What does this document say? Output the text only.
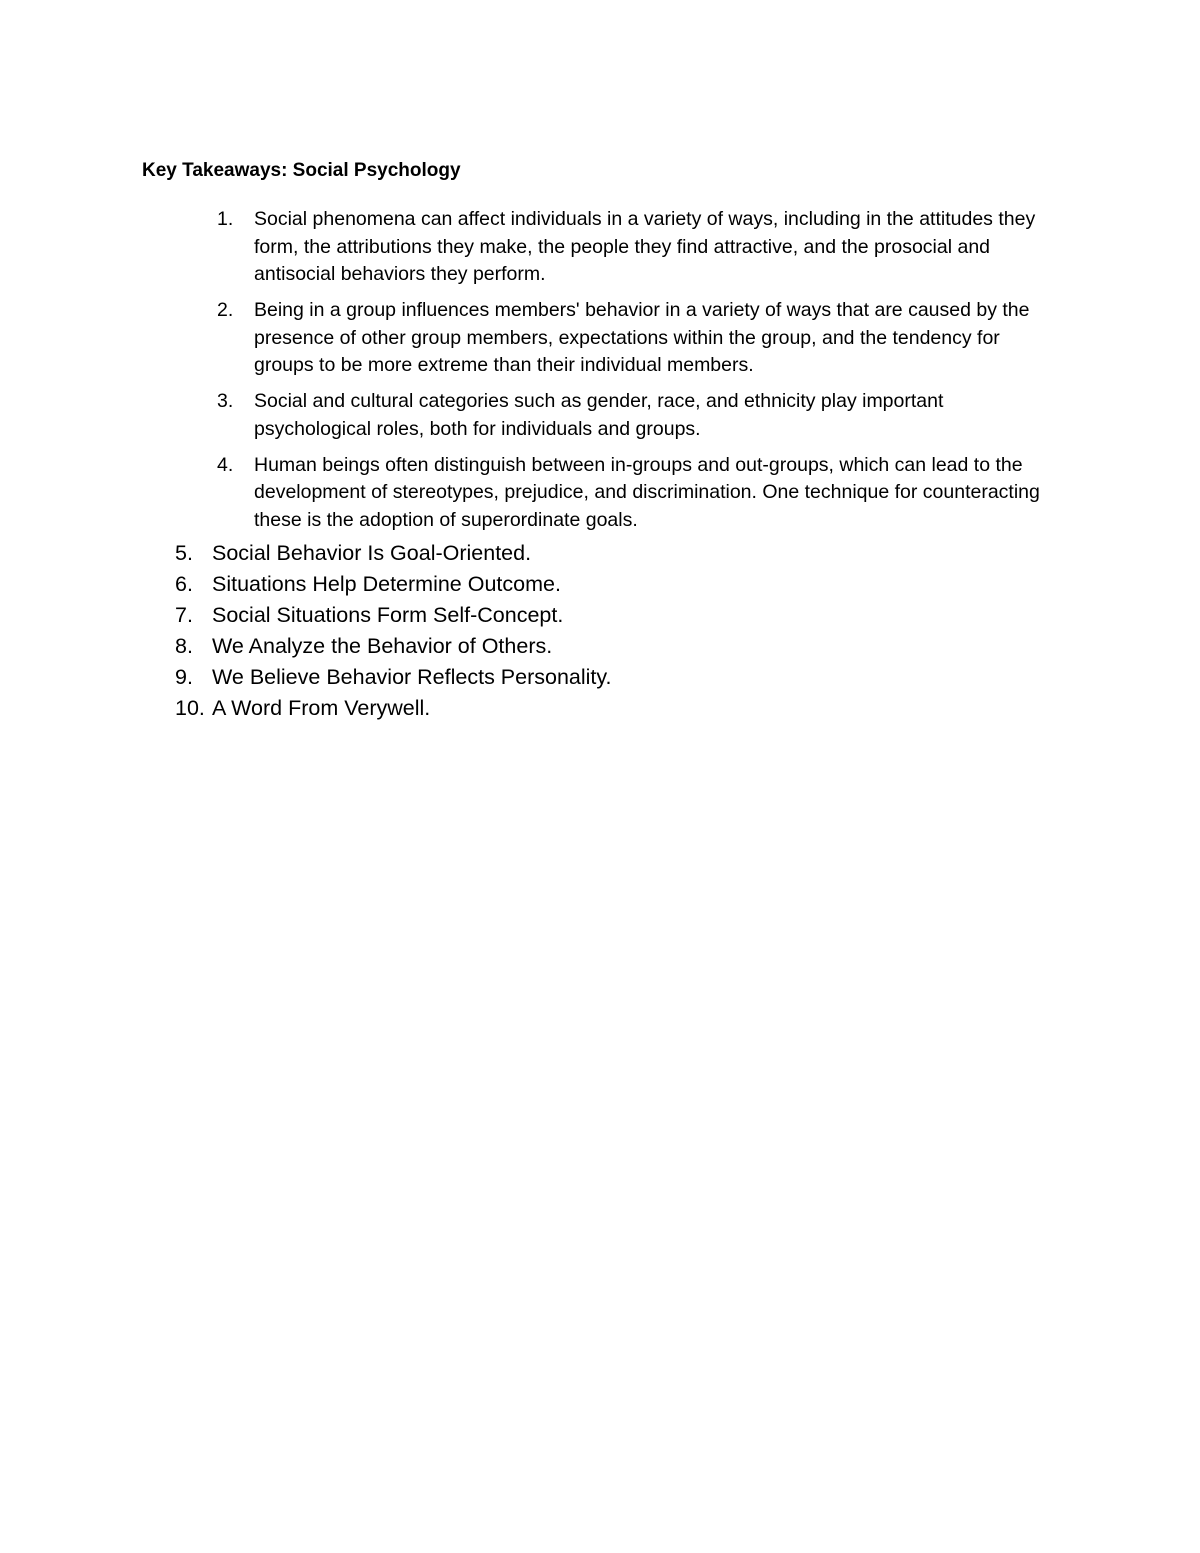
Key Takeaways: Social Psychology
1. Social phenomena can affect individuals in a variety of ways, including in the attitudes they form, the attributions they make, the people they find attractive, and the prosocial and antisocial behaviors they perform.
2. Being in a group influences members' behavior in a variety of ways that are caused by the presence of other group members, expectations within the group, and the tendency for groups to be more extreme than their individual members.
3. Social and cultural categories such as gender, race, and ethnicity play important psychological roles, both for individuals and groups.
4. Human beings often distinguish between in-groups and out-groups, which can lead to the development of stereotypes, prejudice, and discrimination. One technique for counteracting these is the adoption of superordinate goals.
5. Social Behavior Is Goal-Oriented.
6. Situations Help Determine Outcome.
7. Social Situations Form Self-Concept.
8. We Analyze the Behavior of Others.
9. We Believe Behavior Reflects Personality.
10. A Word From Verywell.
